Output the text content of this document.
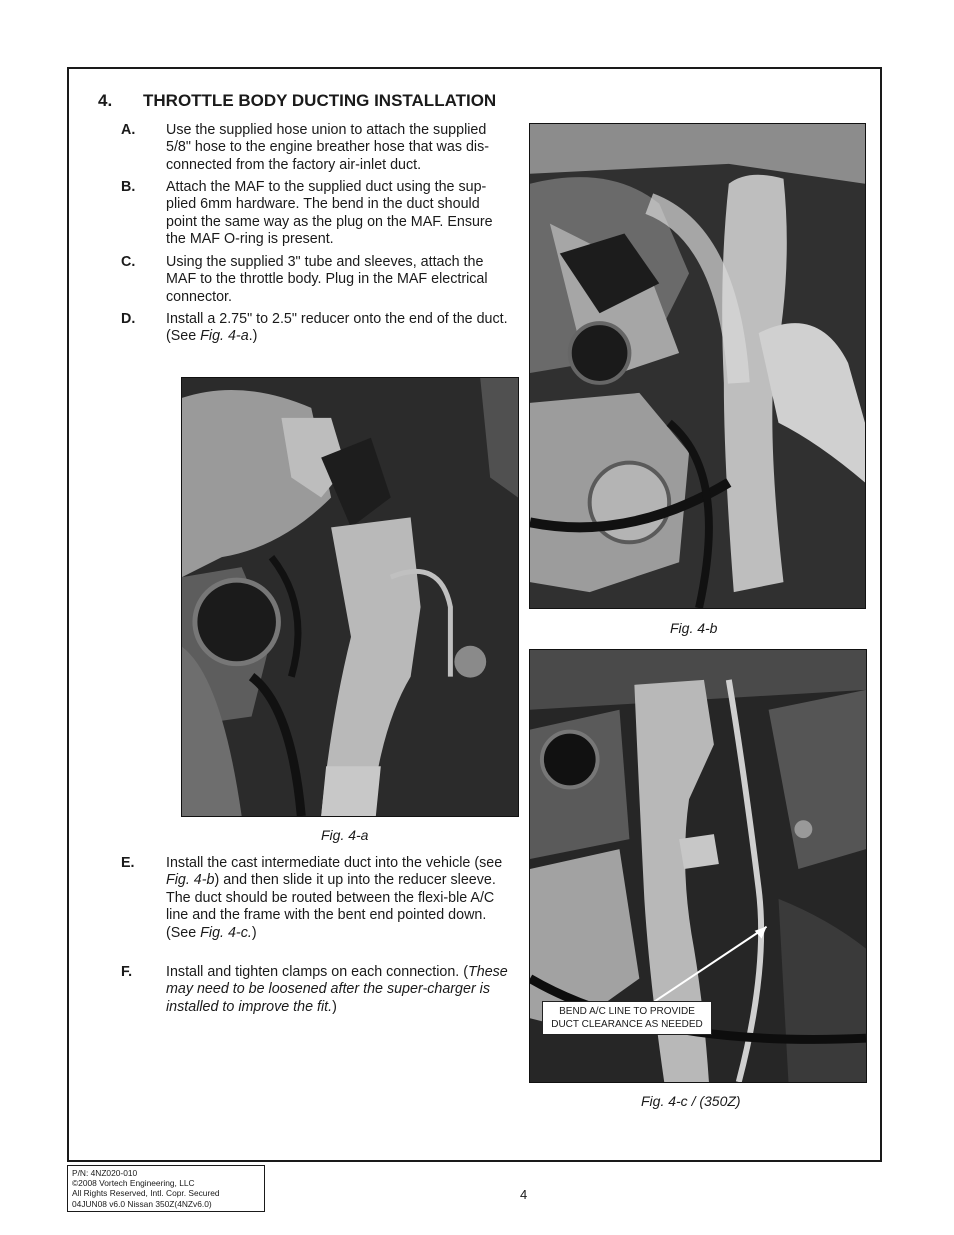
4. THROTTLE BODY DUCTING INSTALLATION
A. Use the supplied hose union to attach the supplied 5/8" hose to the engine breather hose that was dis-connected from the factory air-inlet duct.
B. Attach the MAF to the supplied duct using the sup-plied 6mm hardware. The bend in the duct should point the same way as the plug on the MAF. Ensure the MAF O-ring is present.
C. Using the supplied 3" tube and sleeves, attach the MAF to the throttle body. Plug in the MAF electrical connector.
D. Install a 2.75" to 2.5" reducer onto the end of the duct. (See Fig. 4-a.)
Fig. 4-a
E. Install the cast intermediate duct into the vehicle (see Fig. 4-b) and then slide it up into the reducer sleeve. The duct should be routed between the flexi-ble A/C line and the frame with the bent end pointed down. (See Fig. 4-c.)
F. Install and tighten clamps on each connection. (These may need to be loosened after the super-charger is installed to improve the fit.)
Fig. 4-b
BEND A/C LINE TO PROVIDE
DUCT CLEARANCE AS NEEDED
Fig. 4-c / (350Z)
P/N: 4NZ020-010
©2008 Vortech Engineering, LLC
All Rights Reserved, Intl. Copr. Secured
04JUN08 v6.0 Nissan 350Z(4NZv6.0)
4
